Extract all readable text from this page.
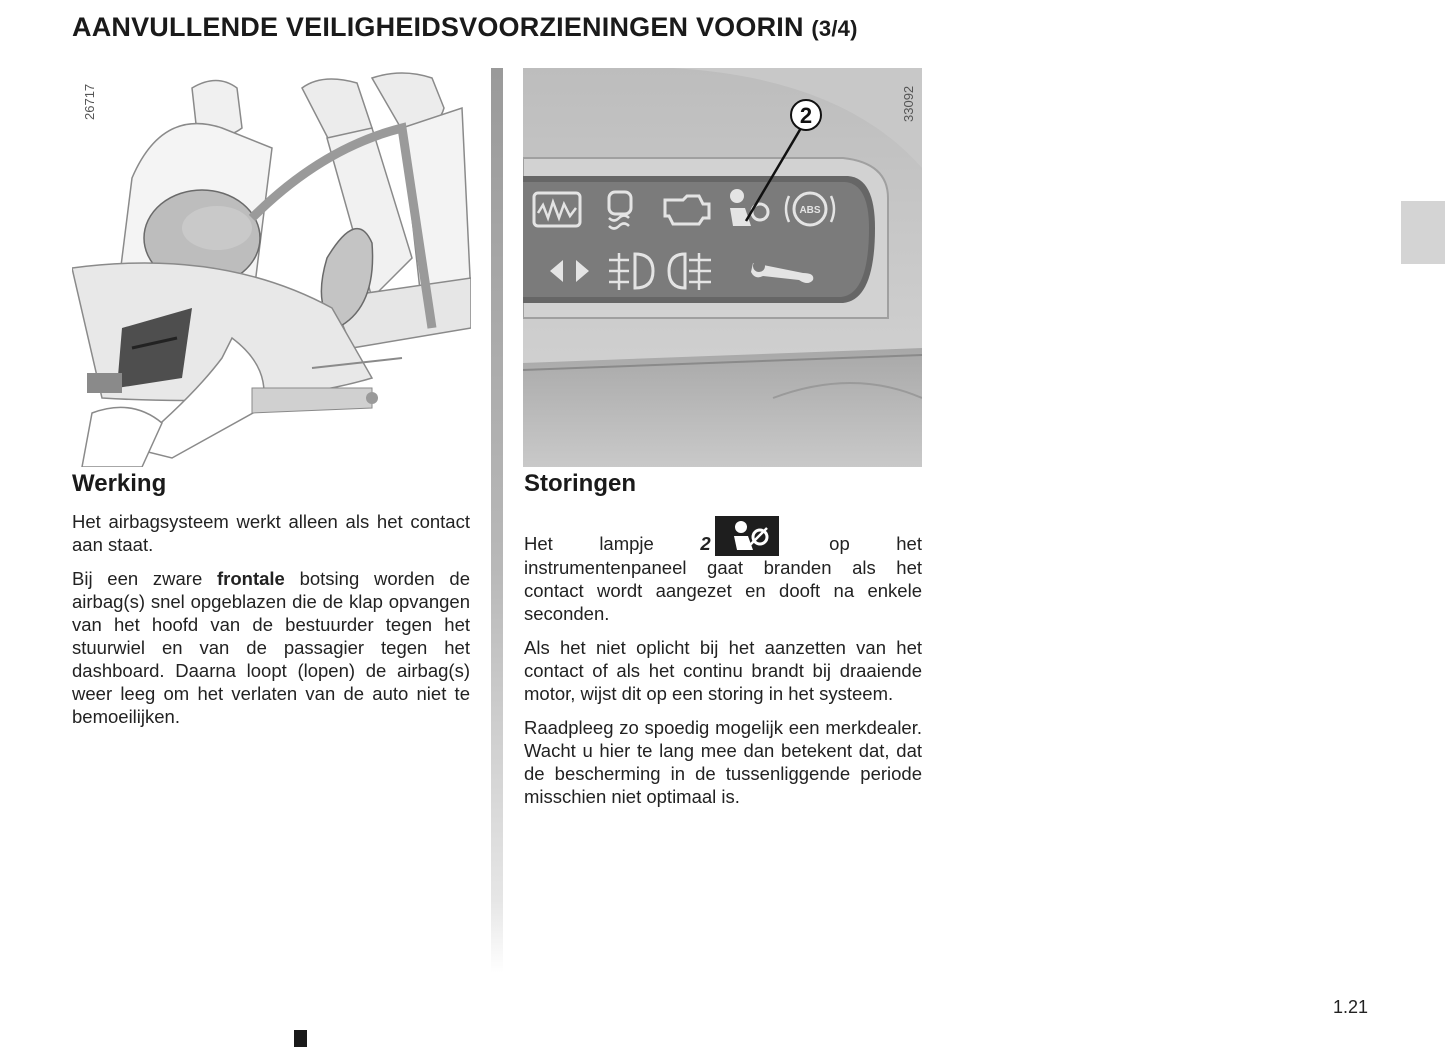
AANVULLENDE VEILIGHEIDSVOORZIENINGEN VOORIN (3/4)
26717
ABS
2	33092
Werking

Het airbagsysteem werkt alleen als het contact aan staat.

Bij een zware frontale botsing worden de airbag(s) snel opgeblazen die de klap opvangen van het hoofd van de bestuurder tegen het stuurwiel en van de passagier tegen het dashboard. Daarna loopt (lopen) de airbag(s) weer leeg om het verlaten van de auto niet te bemoeilijken.

Storingen

Het lampje 2	op het instrumentenpaneel gaat branden als het contact wordt aangezet en dooft na enkele seconden.

Als het niet oplicht bij het aanzetten van het contact of als het continu brandt bij draaiende motor, wijst dit op een storing in het systeem.

Raadpleeg zo spoedig mogelijk een merkdealer. Wacht u hier te lang mee dan betekent dat, dat de bescherming in de tussenliggende periode misschien niet optimaal is.

1.21
